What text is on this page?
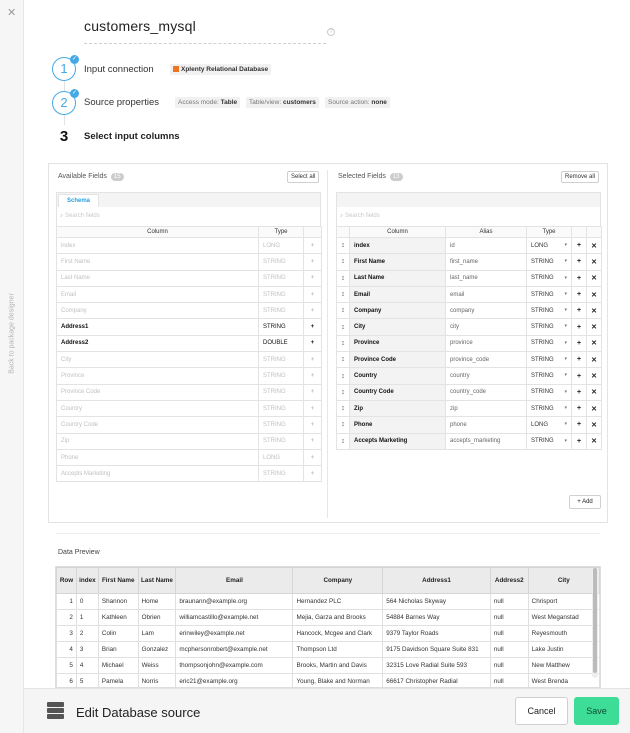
✕
Back to package designer
customers_mysql	?
1
✓
Input connection	Xplenty Relational Database
2
✓
Source properties	Access mode: Table	Table/view: customers	Source action: none
3	Select input columns
Available Fields 15	Select all
Schema
⌕ Search fields
Column	Type	
index	LONG	+
First Name	STRING	+
Last Name	STRING	+
Email	STRING	+
Company	STRING	+
Address1	STRING	+
Address2	DOUBLE	+
City	STRING	+
Province	STRING	+
Province Code	STRING	+
Country	STRING	+
Country Code	STRING	+
Zip	STRING	+
Phone	LONG	+
Accepts Marketing	STRING	+
Selected Fields 13	Remove all
⌕ Search fields
	Column	Alias	Type		
↕	index	id	LONG ▾	+	✕
↕	First Name	first_name	STRING ▾	+	✕
↕	Last Name	last_name	STRING ▾	+	✕
↕	Email	email	STRING ▾	+	✕
↕	Company	company	STRING ▾	+	✕
↕	City	city	STRING ▾	+	✕
↕	Province	province	STRING ▾	+	✕
↕	Province Code	province_code	STRING ▾	+	✕
↕	Country	country	STRING ▾	+	✕
↕	Country Code	country_code	STRING ▾	+	✕
↕	Zip	zip	STRING ▾	+	✕
↕	Phone	phone	LONG ▾	+	✕
↕	Accepts Marketing	accepts_marketing	STRING ▾	+	✕
+ Add
Data Preview
Row	index	First Name	Last Name	Email	Company	Address1	Address2	City
1	0	Shannon	Home	braunann@example.org	Hernandez PLC	564 Nicholas Skyway	null	Chrisport
2	1	Kathleen	Obrien	williamcastillo@example.net	Mejia, Garza and Brooks	54884 Barnes Way	null	West Meganstad
3	2	Colin	Lam	erinwiley@example.net	Hancock, Mcgee and Clark	9379 Taylor Roads	null	Reyesmouth
4	3	Brian	Gonzalez	mcphersonrobert@example.net	Thompson Ltd	9175 Davidson Square Suite 831	null	Lake Justin
5	4	Michael	Weiss	thompsonjohn@example.com	Brooks, Martin and Davis	32315 Love Radial Suite 593	null	New Matthew
6	5	Pamela	Norris	eric21@example.org	Young, Blake and Norman	66617 Christopher Radial	null	West Brenda
Edit Database source	Cancel	Save
